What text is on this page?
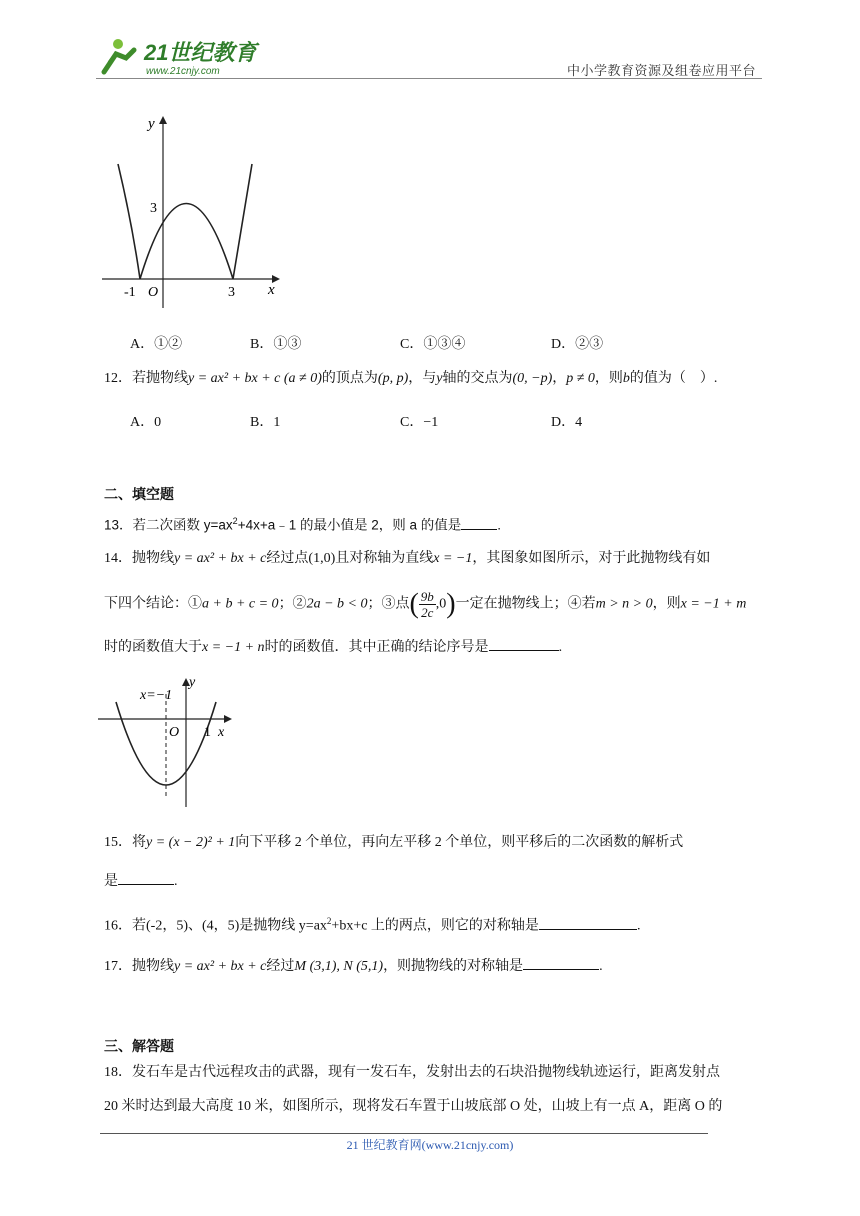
21世纪教育
www.21cnjy.com	中小学教育资源及组卷应用平台
y
x
3
-1 O	3
A．①②	B．①③	C．①③④	D．②③
12．若抛物线y = ax² + bx + c (a ≠ 0)的顶点为(p, p)，与y轴的交点为(0, −p)，p ≠ 0，则b的值为（　）.
A．0	B．1	C．−1	D．4
二、填空题
13．若二次函数 $y=ax^2+4x+a﹣1$ 的最小值是 2，则 a 的值是	.
14．抛物线y = ax² + bx + c经过点(1,0)且对称轴为直线x = −1，其图象如图所示，对于此抛物线有如
下四个结论：①a + b + c = 0；②2a − b < 0；③点( $\frac{9b}{2c} ,0$)一定在抛物线上；④若m > n > 0，则x = −1 + m
时的函数值大于x = −1 + n时的函数值．其中正确的结论序号是	.
x=−1
y
O 1 x
15．将y = (x − 2)² + 1向下平移 2 个单位，再向左平移 2 个单位，则平移后的二次函数的解析式
是	.
16．若(-2，5)、(4，5)是抛物线 $y=ax^2+bx+c$ 上的两点，则它的对称轴是	.
17．抛物线y = ax² + bx + c经过M (3,1), N (5,1)，则抛物线的对称轴是	.
三、解答题
18．发石车是古代远程攻击的武器，现有一发石车，发射出去的石块沿抛物线轨迹运行，距离发射点
20 米时达到最大高度 10 米，如图所示，现将发石车置于山坡底部 O 处，山坡上有一点 A，距离 O 的
21 世纪教育网(www.21cnjy.com)
